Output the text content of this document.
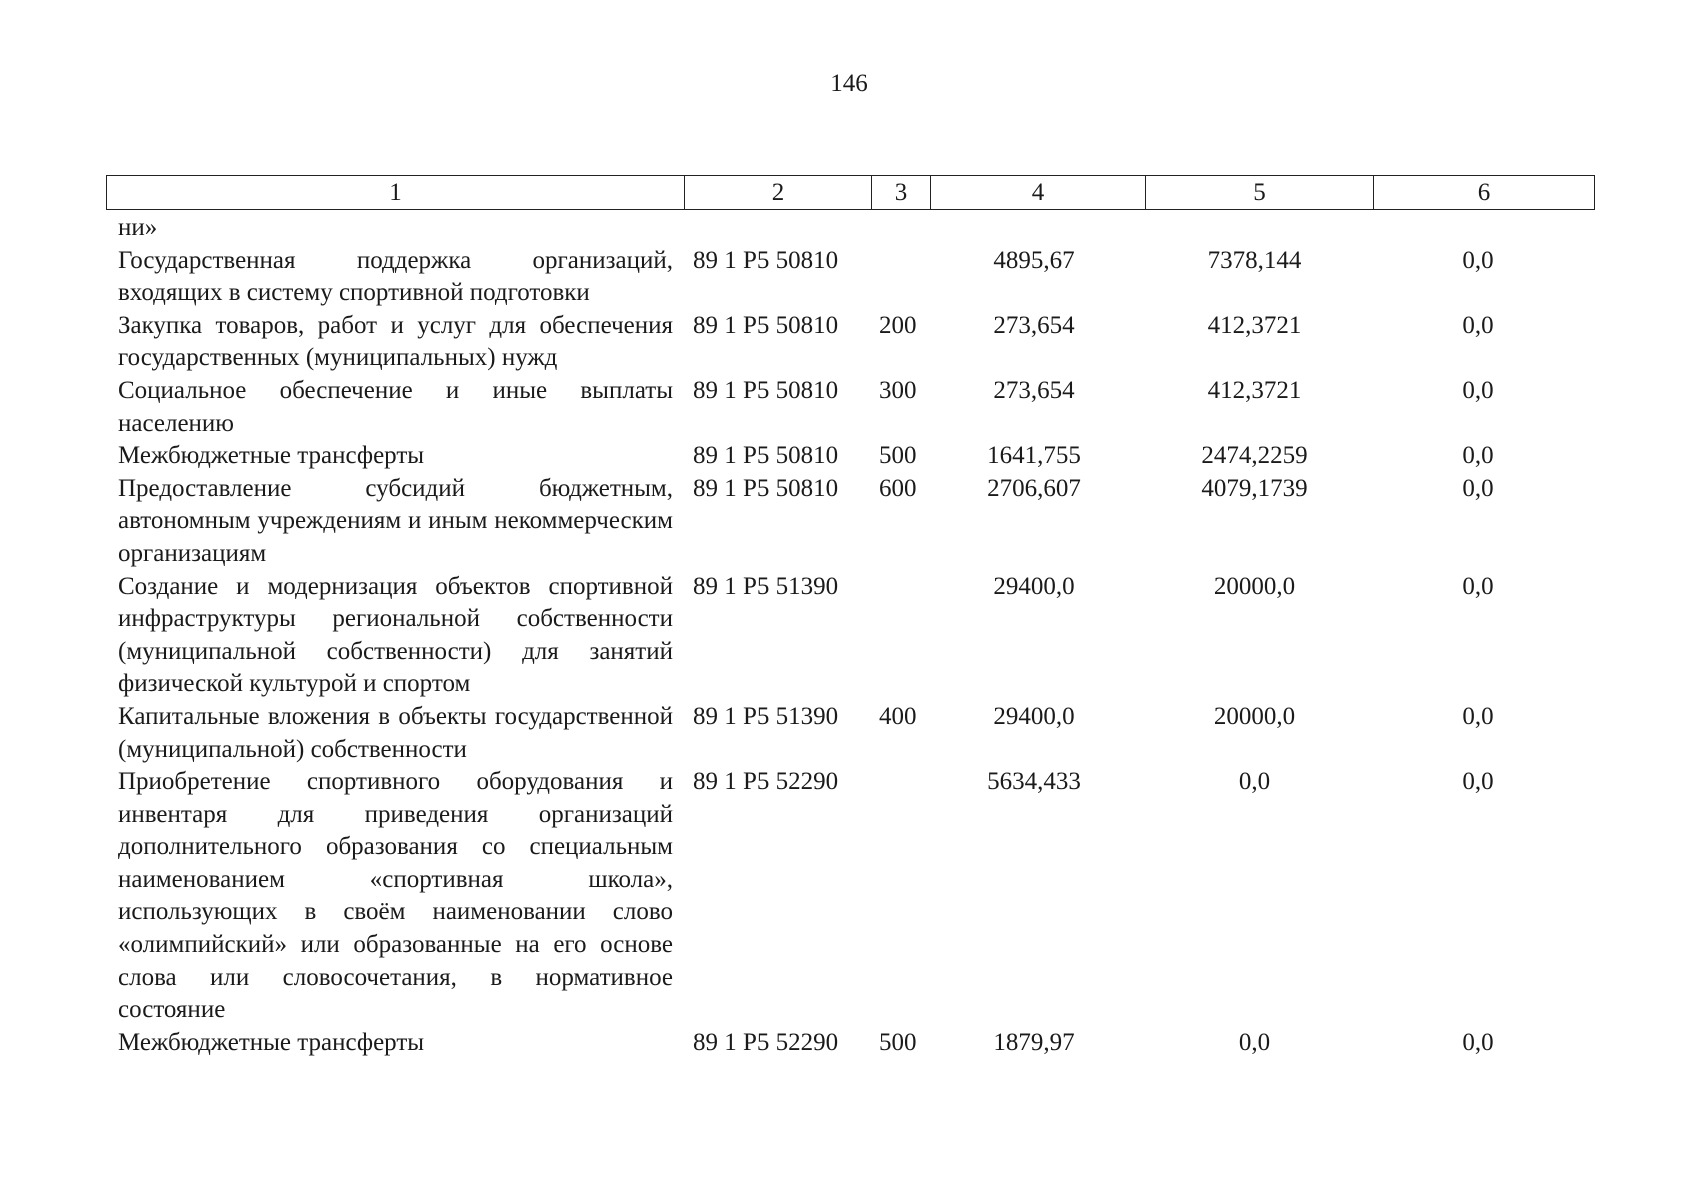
146
1	2	3	4	5	6
ни»					
Государственная поддержка организаций, входящих в систему спортивной подготовки	89 1 P5 50810		4895,67	7378,144	0,0
Закупка товаров, работ и услуг для обеспечения государственных (муниципальных) нужд	89 1 P5 50810	200	273,654	412,3721	0,0
Социальное обеспечение и иные выплаты населению	89 1 P5 50810	300	273,654	412,3721	0,0
Межбюджетные трансферты	89 1 P5 50810	500	1641,755	2474,2259	0,0
Предоставление субсидий бюджетным, автономным учреждениям и иным некоммерческим организациям	89 1 P5 50810	600	2706,607	4079,1739	0,0
Создание и модернизация объектов спортивной инфраструктуры региональной собственности (муниципальной собственности) для занятий физической культурой и спортом	89 1 P5 51390		29400,0	20000,0	0,0
Капитальные вложения в объекты государственной (муниципальной) собственности	89 1 P5 51390	400	29400,0	20000,0	0,0
Приобретение спортивного оборудования и инвентаря для приведения организаций дополнительного образования со специальным наименованием «спортивная школа», использующих в своём наименовании слово «олимпийский» или образованные на его основе слова или словосочетания, в нормативное состояние	89 1 P5 52290		5634,433	0,0	0,0
Межбюджетные трансферты	89 1 P5 52290	500	1879,97	0,0	0,0
